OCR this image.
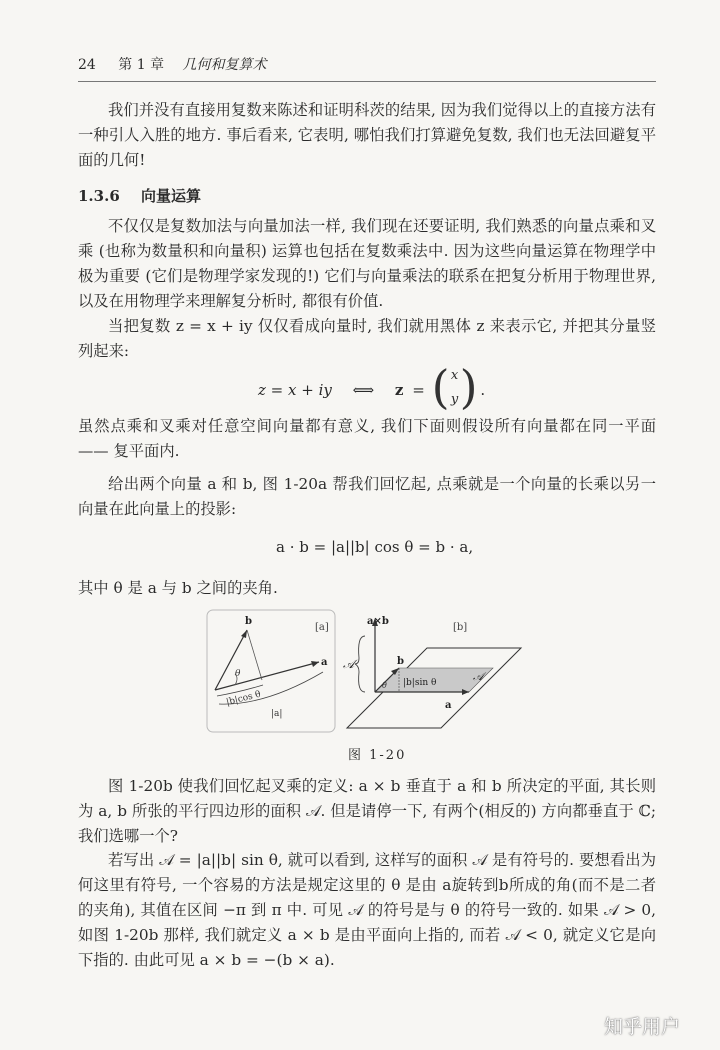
24 第 1 章 几何和复算术

我们并没有直接用复数来陈述和证明科茨的结果, 因为我们觉得以上的直接方法有一种引人入胜的地方. 事后看来, 它表明, 哪怕我们打算避免复数, 我们也无法回避复平面的几何!

1.3.6 向量运算

不仅仅是复数加法与向量加法一样, 我们现在还要证明, 我们熟悉的向量点乘和叉乘 (也称为数量积和向量积) 运算也包括在复数乘法中. 因为这些向量运算在物理学中极为重要 (它们是物理学家发现的!) 它们与向量乘法的联系在把复分析用于物理世界, 以及在用物理学来理解复分析时, 都很有价值.

当把复数 z = x + iy 仅仅看成向量时, 我们就用黑体 z 来表示它, 并把其分量竖列起来:

z = x + iy ⟺ z = ( x
y ) .

虽然点乘和叉乘对任意空间向量都有意义, 我们下面则假设所有向量都在同一平面 —— 复平面内.

给出两个向量 a 和 b, 图 1-20a 帮我们回忆起, 点乘就是一个向量的长乘以另一向量在此向量上的投影:

a · b = |a||b| cos θ = b · a,

其中 θ 是 a 与 b 之间的夹角.

[a]
a
b
θ
|b|cos θ
|a|
[b]
a×b
𝒜
a
b
θ |b|sin θ	𝒜
图 1-20

图 1-20b 使我们回忆起叉乘的定义: a × b 垂直于 a 和 b 所决定的平面, 其长则为 a, b 所张的平行四边形的面积 𝒜. 但是请停一下, 有两个(相反的) 方向都垂直于 ℂ; 我们选哪一个?

若写出 𝒜 = |a||b| sin θ, 就可以看到, 这样写的面积 𝒜 是有符号的. 要想看出为何这里有符号, 一个容易的方法是规定这里的 θ 是由 a旋转到b所成的角(而不是二者的夹角), 其值在区间 −π 到 π 中. 可见 𝒜 的符号是与 θ 的符号一致的. 如果 𝒜 > 0, 如图 1-20b 那样, 我们就定义 a × b 是由平面向上指的, 而若 𝒜 < 0, 就定义它是向下指的. 由此可见 a × b = −(b × a).

知乎用户
